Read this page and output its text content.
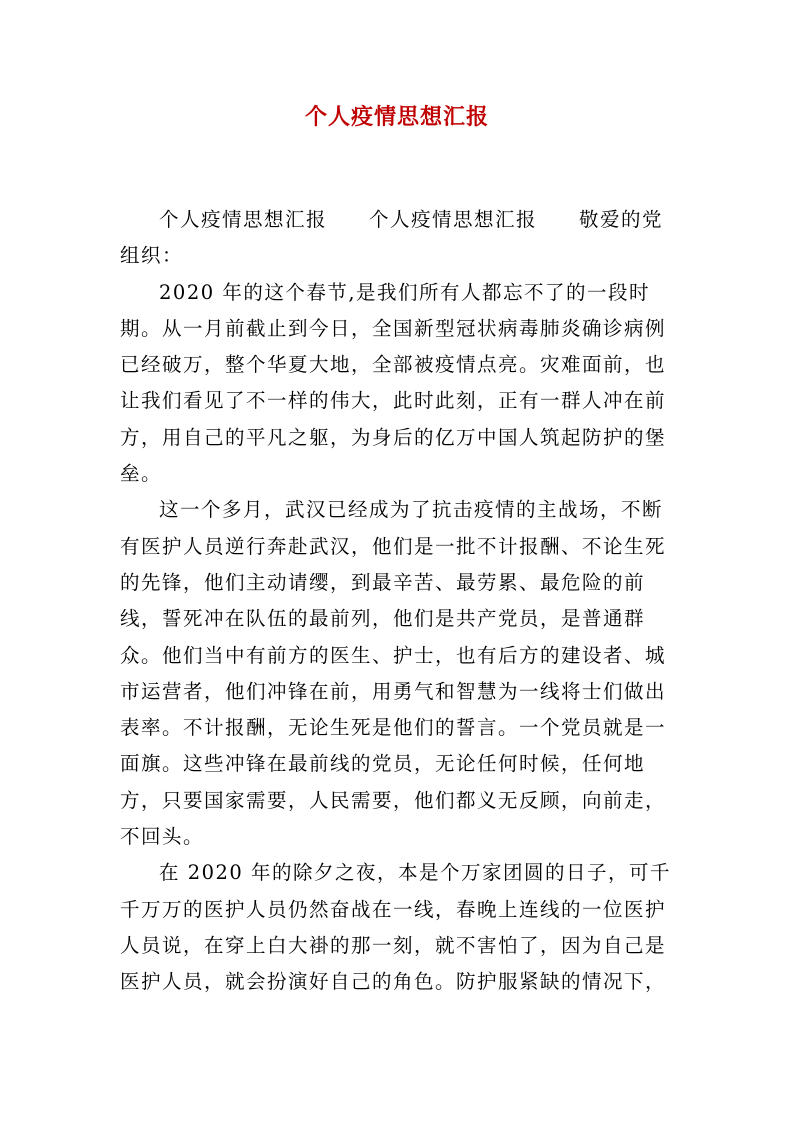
个人疫情思想汇报

个人疫情思想汇报　　个人疫情思想汇报　　敬爱的党组织：

2020 年的这个春节,是我们所有人都忘不了的一段时期。从一月前截止到今日，全国新型冠状病毒肺炎确诊病例已经破万，整个华夏大地，全部被疫情点亮。灾难面前，也让我们看见了不一样的伟大，此时此刻，正有一群人冲在前方，用自己的平凡之躯，为身后的亿万中国人筑起防护的堡垒。

这一个多月，武汉已经成为了抗击疫情的主战场，不断有医护人员逆行奔赴武汉，他们是一批不计报酬、不论生死的先锋，他们主动请缨，到最辛苦、最劳累、最危险的前线，誓死冲在队伍的最前列，他们是共产党员，是普通群众。他们当中有前方的医生、护士，也有后方的建设者、城市运营者，他们冲锋在前，用勇气和智慧为一线将士们做出表率。不计报酬，无论生死是他们的誓言。一个党员就是一面旗。这些冲锋在最前线的党员，无论任何时候，任何地方，只要国家需要，人民需要，他们都义无反顾，向前走，不回头。

在 2020 年的除夕之夜，本是个万家团圆的日子，可千千万万的医护人员仍然奋战在一线，春晚上连线的一位医护人员说，在穿上白大褂的那一刻，就不害怕了，因为自己是医护人员，就会扮演好自己的角色。防护服紧缺的情况下，
